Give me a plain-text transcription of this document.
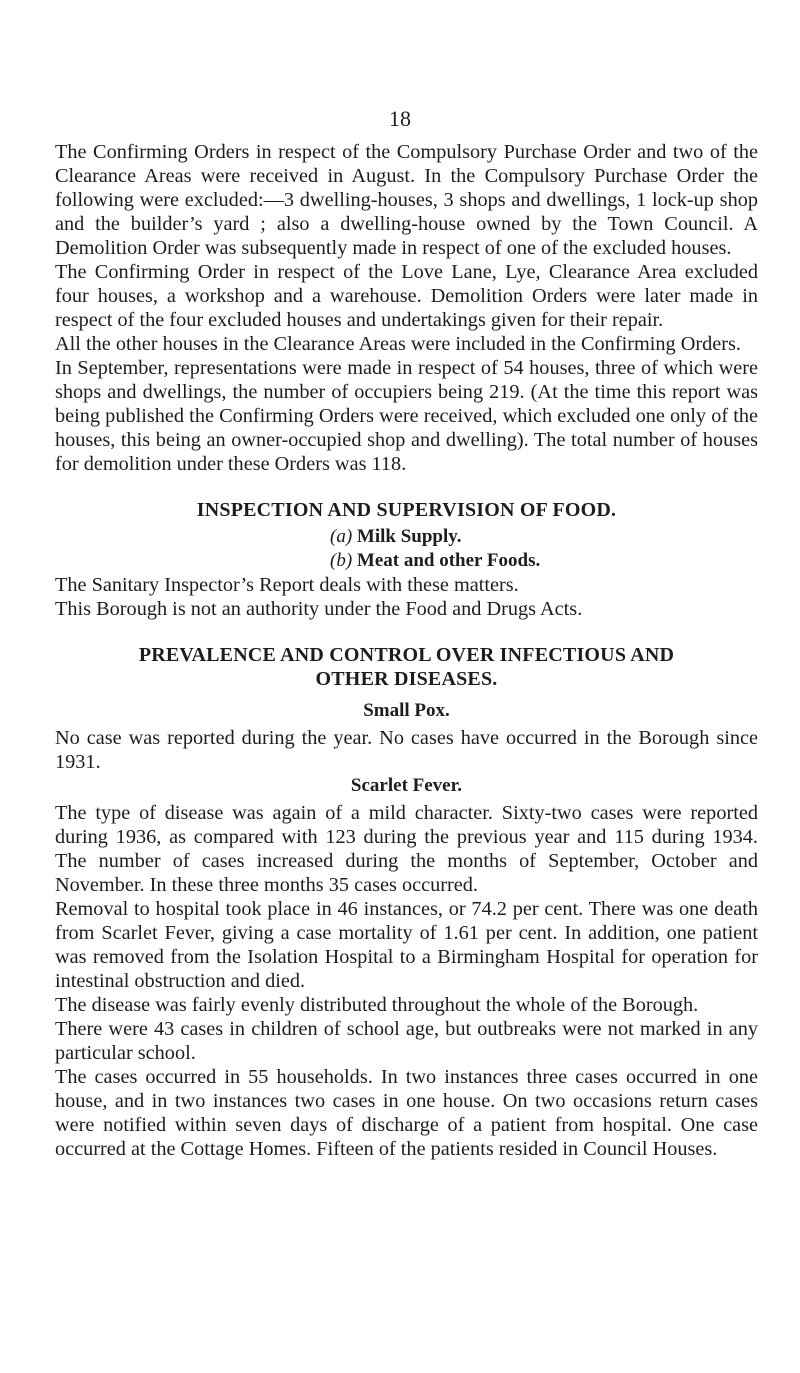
18

The Confirming Orders in respect of the Compulsory Purchase Order and two of the Clearance Areas were received in August. In the Compulsory Purchase Order the following were excluded:—3 dwelling-houses, 3 shops and dwellings, 1 lock-up shop and the builder’s yard ; also a dwelling-house owned by the Town Council. A Demolition Order was subsequently made in respect of one of the excluded houses.

The Confirming Order in respect of the Love Lane, Lye, Clearance Area excluded four houses, a workshop and a warehouse. Demolition Orders were later made in respect of the four excluded houses and undertakings given for their repair.

All the other houses in the Clearance Areas were included in the Confirming Orders.

In September, representations were made in respect of 54 houses, three of which were shops and dwellings, the number of occupiers being 219. (At the time this report was being published the Confirming Orders were received, which excluded one only of the houses, this being an owner-occupied shop and dwelling). The total number of houses for demolition under these Orders was 118.

INSPECTION AND SUPERVISION OF FOOD.
(a) Milk Supply.
(b) Meat and other Foods.

The Sanitary Inspector’s Report deals with these matters.

This Borough is not an authority under the Food and Drugs Acts.

PREVALENCE AND CONTROL OVER INFECTIOUS AND
OTHER DISEASES.
Small Pox.

No case was reported during the year. No cases have occurred in the Borough since 1931.

Scarlet Fever.

The type of disease was again of a mild character. Sixty-two cases were reported during 1936, as compared with 123 during the previous year and 115 during 1934. The number of cases increased during the months of September, October and November. In these three months 35 cases occurred.

Removal to hospital took place in 46 instances, or 74.2 per cent. There was one death from Scarlet Fever, giving a case mortality of 1.61 per cent. In addition, one patient was removed from the Isolation Hospital to a Birmingham Hospital for operation for intestinal obstruction and died.

The disease was fairly evenly distributed throughout the whole of the Borough.

There were 43 cases in children of school age, but outbreaks were not marked in any particular school.

The cases occurred in 55 households. In two instances three cases occurred in one house, and in two instances two cases in one house. On two occasions return cases were notified within seven days of discharge of a patient from hospital. One case occurred at the Cottage Homes. Fifteen of the patients resided in Council Houses.
